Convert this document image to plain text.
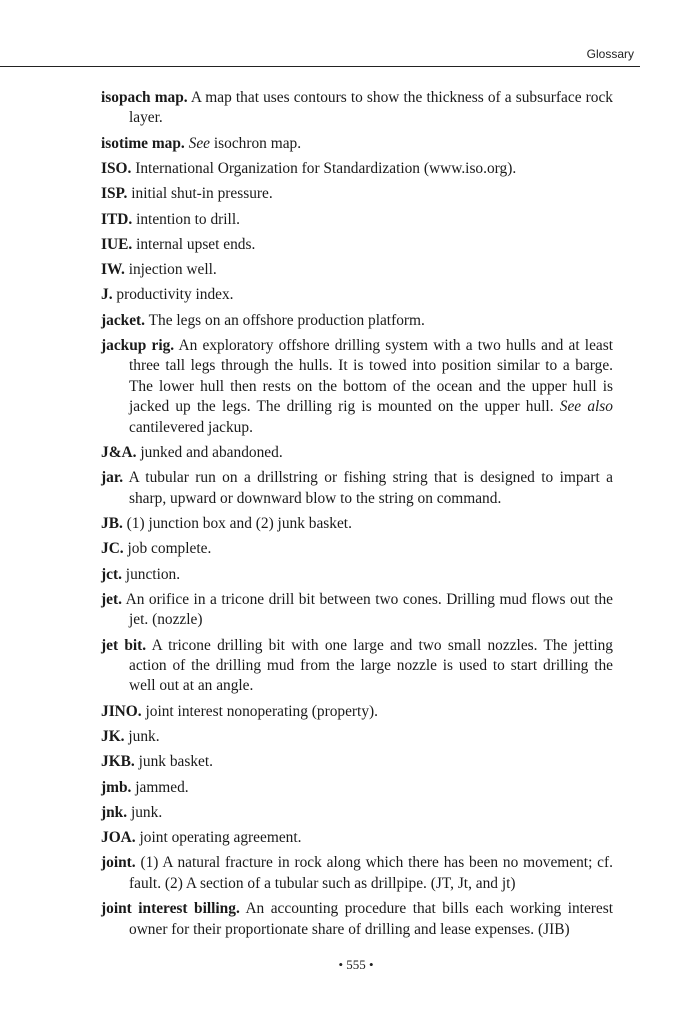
Glossary

isopach map. A map that uses contours to show the thickness of a subsurface rock layer.

isotime map. See isochron map.

ISO. International Organization for Standardization (www.iso.org).

ISP. initial shut-in pressure.

ITD. intention to drill.

IUE. internal upset ends.

IW. injection well.

J. productivity index.

jacket. The legs on an offshore production platform.

jackup rig. An exploratory offshore drilling system with a two hulls and at least three tall legs through the hulls. It is towed into position similar to a barge. The lower hull then rests on the bottom of the ocean and the upper hull is jacked up the legs. The drilling rig is mounted on the upper hull. See also cantilevered jackup.

J&A. junked and abandoned.

jar. A tubular run on a drillstring or fishing string that is designed to impart a sharp, upward or downward blow to the string on command.

JB. (1) junction box and (2) junk basket.

JC. job complete.

jct. junction.

jet. An orifice in a tricone drill bit between two cones. Drilling mud flows out the jet. (nozzle)

jet bit. A tricone drilling bit with one large and two small nozzles. The jetting action of the drilling mud from the large nozzle is used to start drilling the well out at an angle.

JINO. joint interest nonoperating (property).

JK. junk.

JKB. junk basket.

jmb. jammed.

jnk. junk.

JOA. joint operating agreement.

joint. (1) A natural fracture in rock along which there has been no movement; cf. fault. (2) A section of a tubular such as drillpipe. (JT, Jt, and jt)

joint interest billing. An accounting procedure that bills each working interest owner for their proportionate share of drilling and lease expenses. (JIB)

• 555 •
